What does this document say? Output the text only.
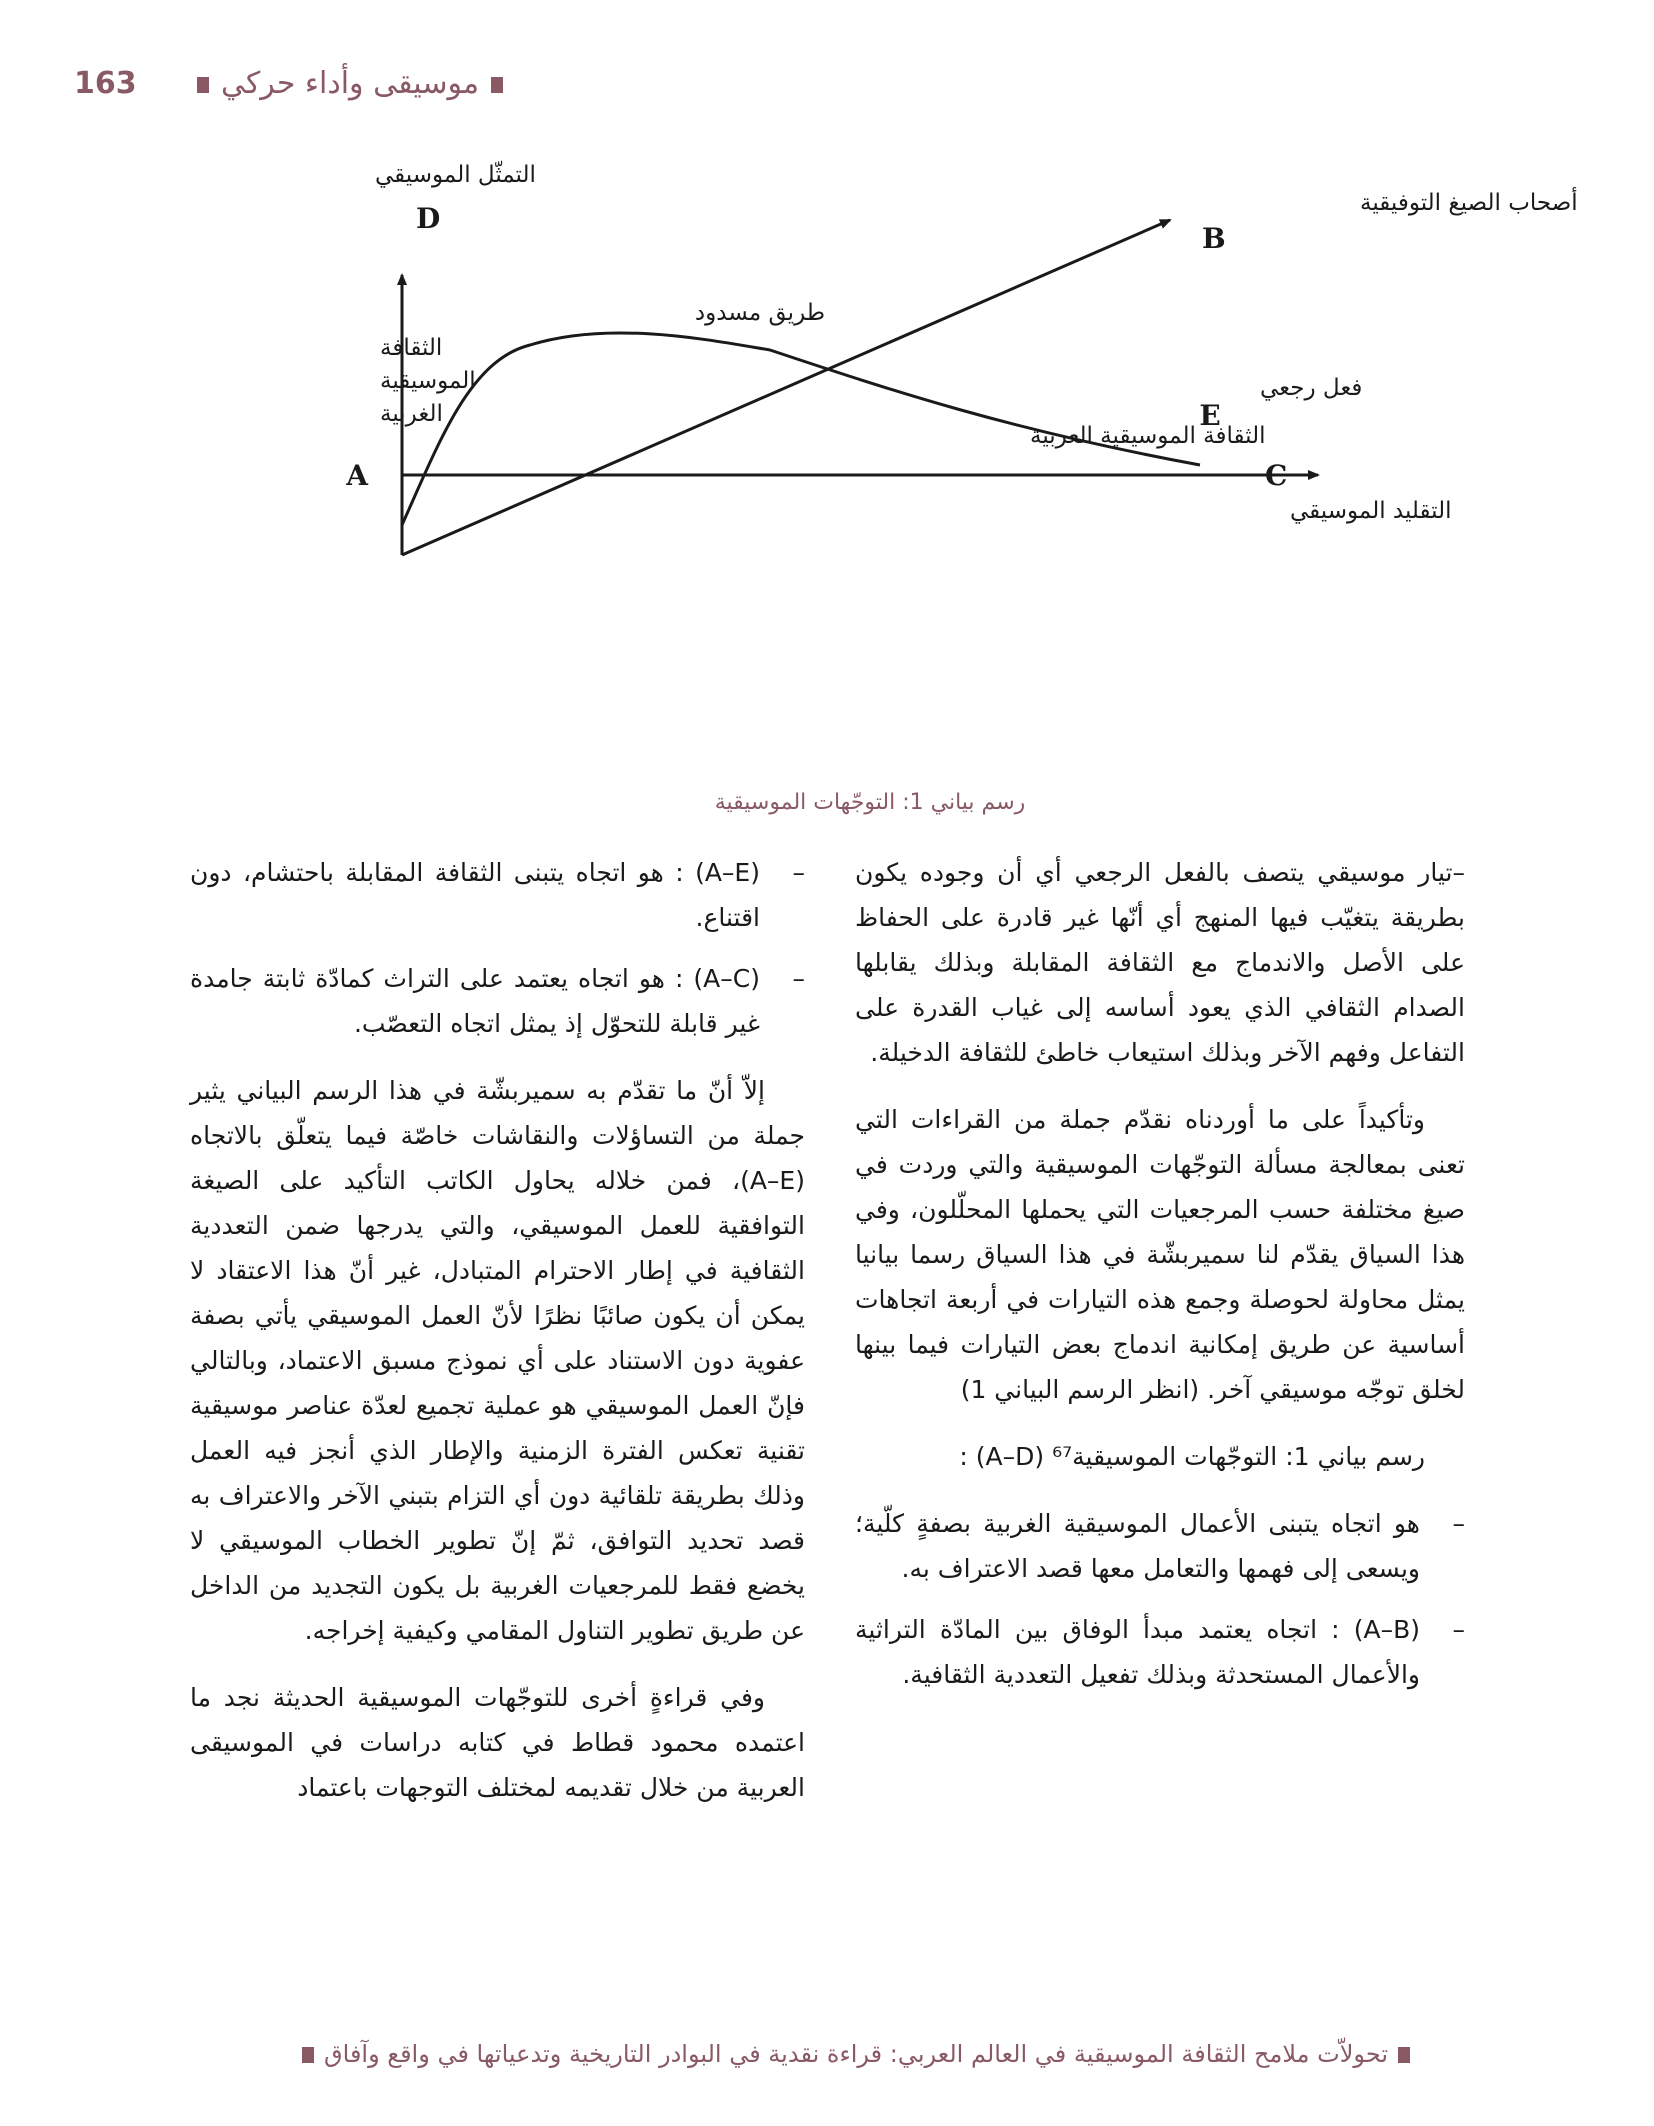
163	موسيقى وأداء حركي
D
التمثّل الموسيقي
A	C
التقليد الموسيقي
B
أصحاب الصيغ التوفيقية
طريق مسدود
فعل رجعي
E
الثقافة
الموسيقية
الغربية
الثقافة الموسيقية العربية
رسم بياني 1: التوجّهات الموسيقية

–تيار موسيقي يتصف بالفعل الرجعي أي أن وجوده يكون بطريقة يتغيّب فيها المنهج أي أنّها غير قادرة على الحفاظ على الأصل والاندماج مع الثقافة المقابلة وبذلك يقابلها الصدام الثقافي الذي يعود أساسه إلى غياب القدرة على التفاعل وفهم الآخر وبذلك استيعاب خاطئ للثقافة الدخيلة.

وتأكيداً على ما أوردناه نقدّم جملة من القراءات التي تعنى بمعالجة مسألة التوجّهات الموسيقية والتي وردت في صيغ مختلفة حسب المرجعيات التي يحملها المحلّلون، وفي هذا السياق يقدّم لنا سميربشّة في هذا السياق رسما بيانيا يمثل محاولة لحوصلة وجمع هذه التيارات في أربعة اتجاهات أساسية عن طريق إمكانية اندماج بعض التيارات فيما بينها لخلق توجّه موسيقي آخر. (انظر الرسم البياني 1)

رسم بياني 1: التوجّهات الموسيقية⁶⁷ (A–D) :

–
هو اتجاه يتبنى الأعمال الموسيقية الغربية بصفةٍ كلّية؛ ويسعى إلى فهمها والتعامل معها قصد الاعتراف به.
–
(A–B) : اتجاه يعتمد مبدأ الوفاق بين المادّة التراثية والأعمال المستحدثة وبذلك تفعيل التعددية الثقافية.
–
(A–E) : هو اتجاه يتبنى الثقافة المقابلة باحتشام، دون اقتناع.
–
(A–C) : هو اتجاه يعتمد على التراث كمادّة ثابتة جامدة غير قابلة للتحوّل إذ يمثل اتجاه التعصّب.

إلاّ أنّ ما تقدّم به سميربشّة في هذا الرسم البياني يثير جملة من التساؤلات والنقاشات خاصّة فيما يتعلّق بالاتجاه (A–E)، فمن خلاله يحاول الكاتب التأكيد على الصيغة التوافقية للعمل الموسيقي، والتي يدرجها ضمن التعددية الثقافية في إطار الاحترام المتبادل، غير أنّ هذا الاعتقاد لا يمكن أن يكون صائبًا نظرًا لأنّ العمل الموسيقي يأتي بصفة عفوية دون الاستناد على أي نموذج مسبق الاعتماد، وبالتالي فإنّ العمل الموسيقي هو عملية تجميع لعدّة عناصر موسيقية تقنية تعكس الفترة الزمنية والإطار الذي أنجز فيه العمل وذلك بطريقة تلقائية دون أي التزام بتبني الآخر والاعتراف به قصد تحديد التوافق، ثمّ إنّ تطوير الخطاب الموسيقي لا يخضع فقط للمرجعيات الغربية بل يكون التجديد من الداخل عن طريق تطوير التناول المقامي وكيفية إخراجه.

وفي قراءةٍ أخرى للتوجّهات الموسيقية الحديثة نجد ما اعتمده محمود قطاط في كتابه دراسات في الموسيقى العربية من خلال تقديمه لمختلف التوجهات باعتماد

تحولاّت ملامح الثقافة الموسيقية في العالم العربي: قراءة نقدية في البوادر التاريخية وتدعياتها في واقع وآفاق
